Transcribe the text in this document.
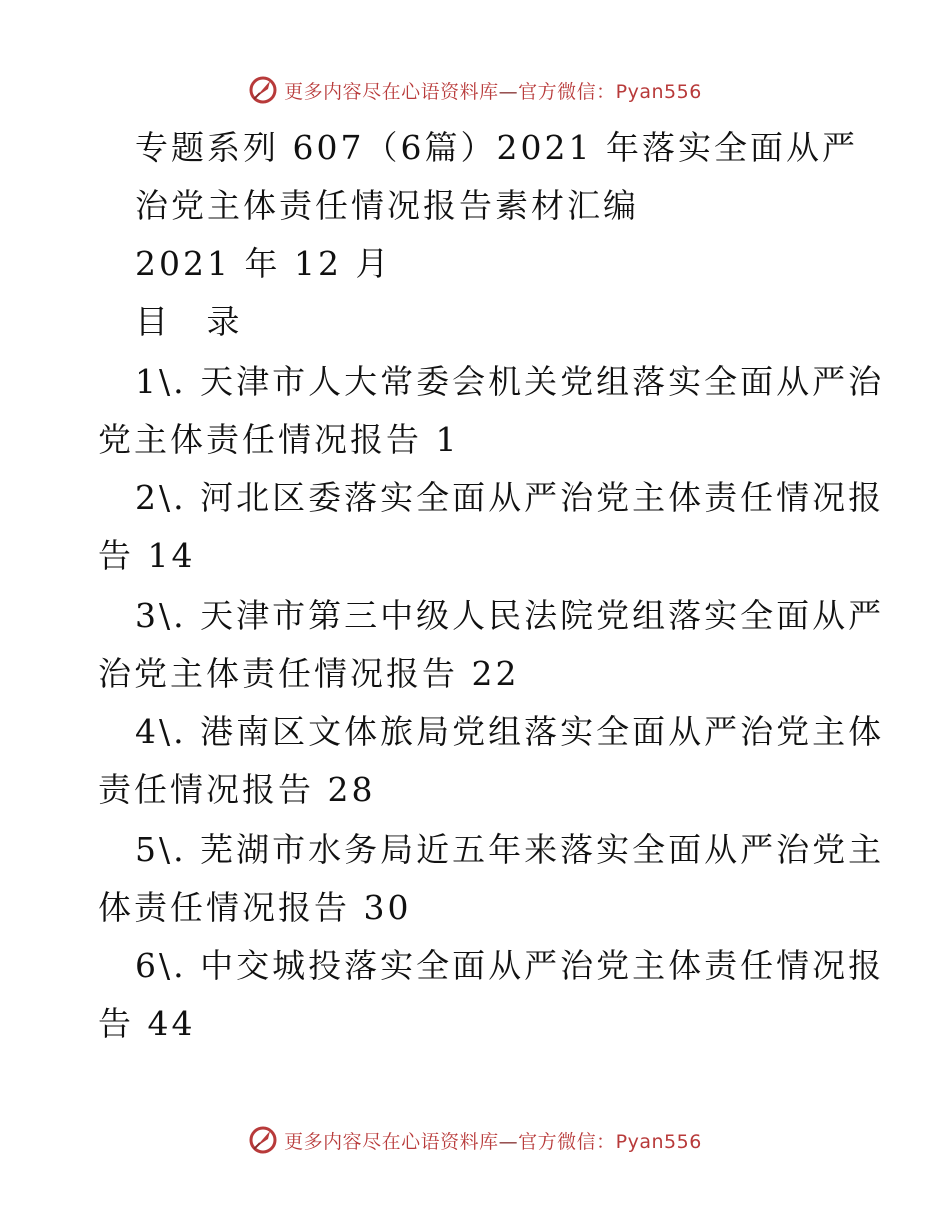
更多内容尽在心语资料库—官方微信：Pyan556
专题系列 607（6篇）2021 年落实全面从严
治党主体责任情况报告素材汇编
2021 年 12 月
目 录
1\. 天津市人大常委会机关党组落实全面从严治
党主体责任情况报告 1
2\. 河北区委落实全面从严治党主体责任情况报
告 14
3\. 天津市第三中级人民法院党组落实全面从严
治党主体责任情况报告 22
4\. 港南区文体旅局党组落实全面从严治党主体
责任情况报告 28
5\. 芜湖市水务局近五年来落实全面从严治党主
体责任情况报告 30
6\. 中交城投落实全面从严治党主体责任情况报
告 44
更多内容尽在心语资料库—官方微信：Pyan556
